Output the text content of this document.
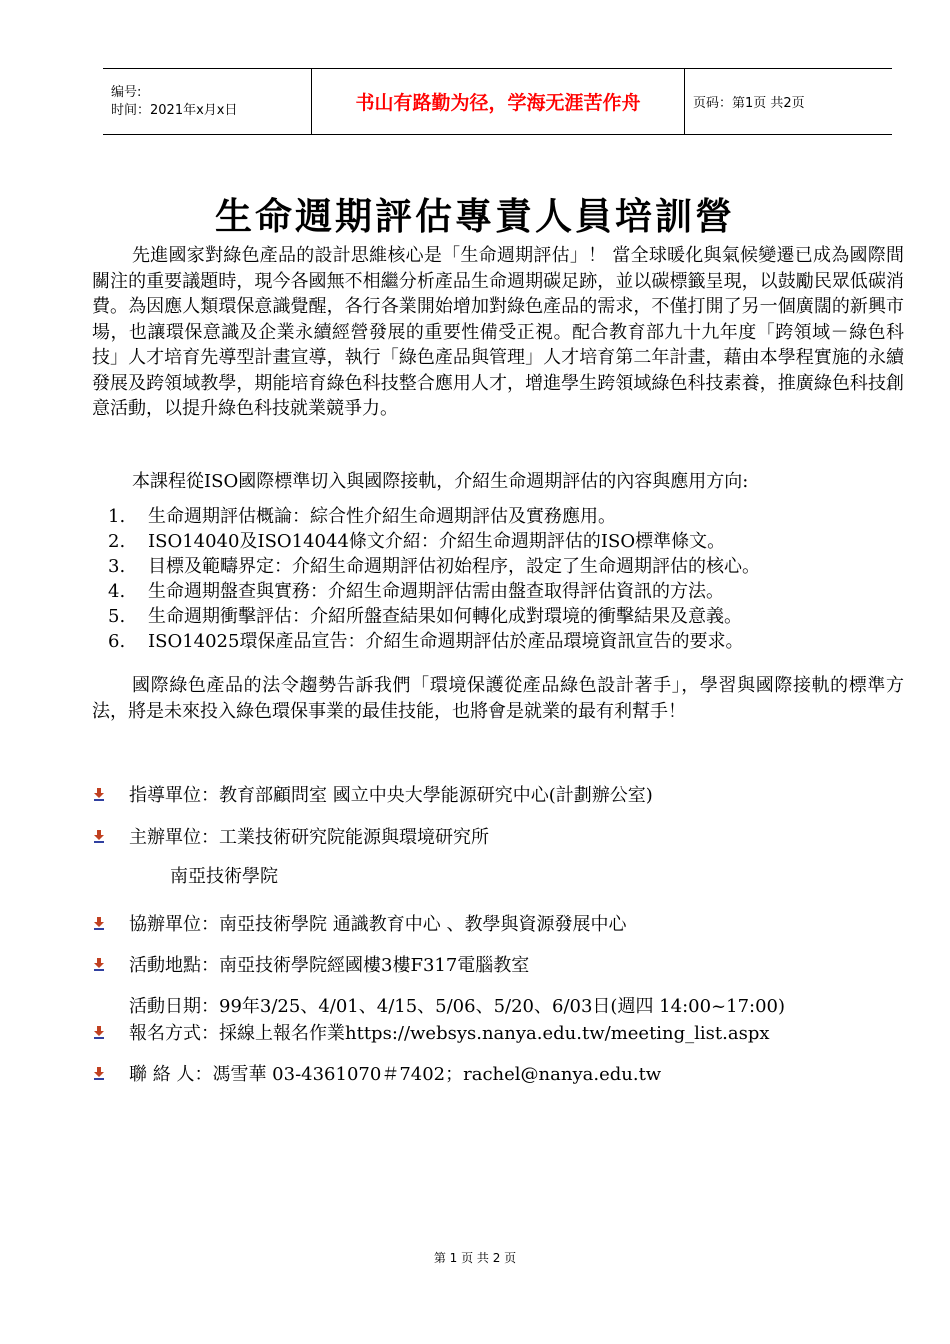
编号:
时间：2021年x月x日	书山有路勤为径，学海无涯苦作舟	页码：第1页 共2页
生命週期評估專責人員培訓營

先進國家對綠色產品的設計思維核心是「生命週期評估」！ 當全球暖化與氣候變遷已成為國際間關注的重要議題時，現今各國無不相繼分析產品生命週期碳足跡，並以碳標籤呈現，以鼓勵民眾低碳消費。為因應人類環保意識覺醒，各行各業開始增加對綠色產品的需求，不僅打開了另一個廣闊的新興市場，也讓環保意識及企業永續經營發展的重要性備受正視。配合教育部九十九年度「跨領域－綠色科技」人才培育先導型計畫宣導，執行「綠色產品與管理」人才培育第二年計畫，藉由本學程實施的永續發展及跨領域教學，期能培育綠色科技整合應用人才，增進學生跨領域綠色科技素養，推廣綠色科技創意活動，以提升綠色科技就業競爭力。

本課程從ISO國際標準切入與國際接軌，介紹生命週期評估的內容與應用方向:

1.	生命週期評估概論：綜合性介紹生命週期評估及實務應用。
2.	ISO14040及ISO14044條文介紹：介紹生命週期評估的ISO標準條文。
3.	目標及範疇界定：介紹生命週期評估初始程序，設定了生命週期評估的核心。
4.	生命週期盤查與實務：介紹生命週期評估需由盤查取得評估資訊的方法。
5.	生命週期衝擊評估：介紹所盤查結果如何轉化成對環境的衝擊結果及意義。
6.	ISO14025環保產品宣告：介紹生命週期評估於產品環境資訊宣告的要求。

國際綠色產品的法令趨勢告訴我們「環境保護從產品綠色設計著手」，學習與國際接軌的標準方法，將是未來投入綠色環保事業的最佳技能，也將會是就業的最有利幫手！

指導單位：教育部顧問室 國立中央大學能源研究中心(計劃辦公室)
主辦單位：工業技術研究院能源與環境研究所
南亞技術學院
協辦單位：南亞技術學院 通識教育中心 、教學與資源發展中心
活動地點：南亞技術學院經國樓3樓F317電腦教室
活動日期：99年3/25、4/01、4/15、5/06、5/20、6/03日(週四 14:00~17:00)
報名方式：採線上報名作業https://websys.nanya.edu.tw/meeting_list.aspx
聯 絡 人：馮雪華 03-4361070＃7402；rachel@nanya.edu.tw
第 1 页 共 2 页
